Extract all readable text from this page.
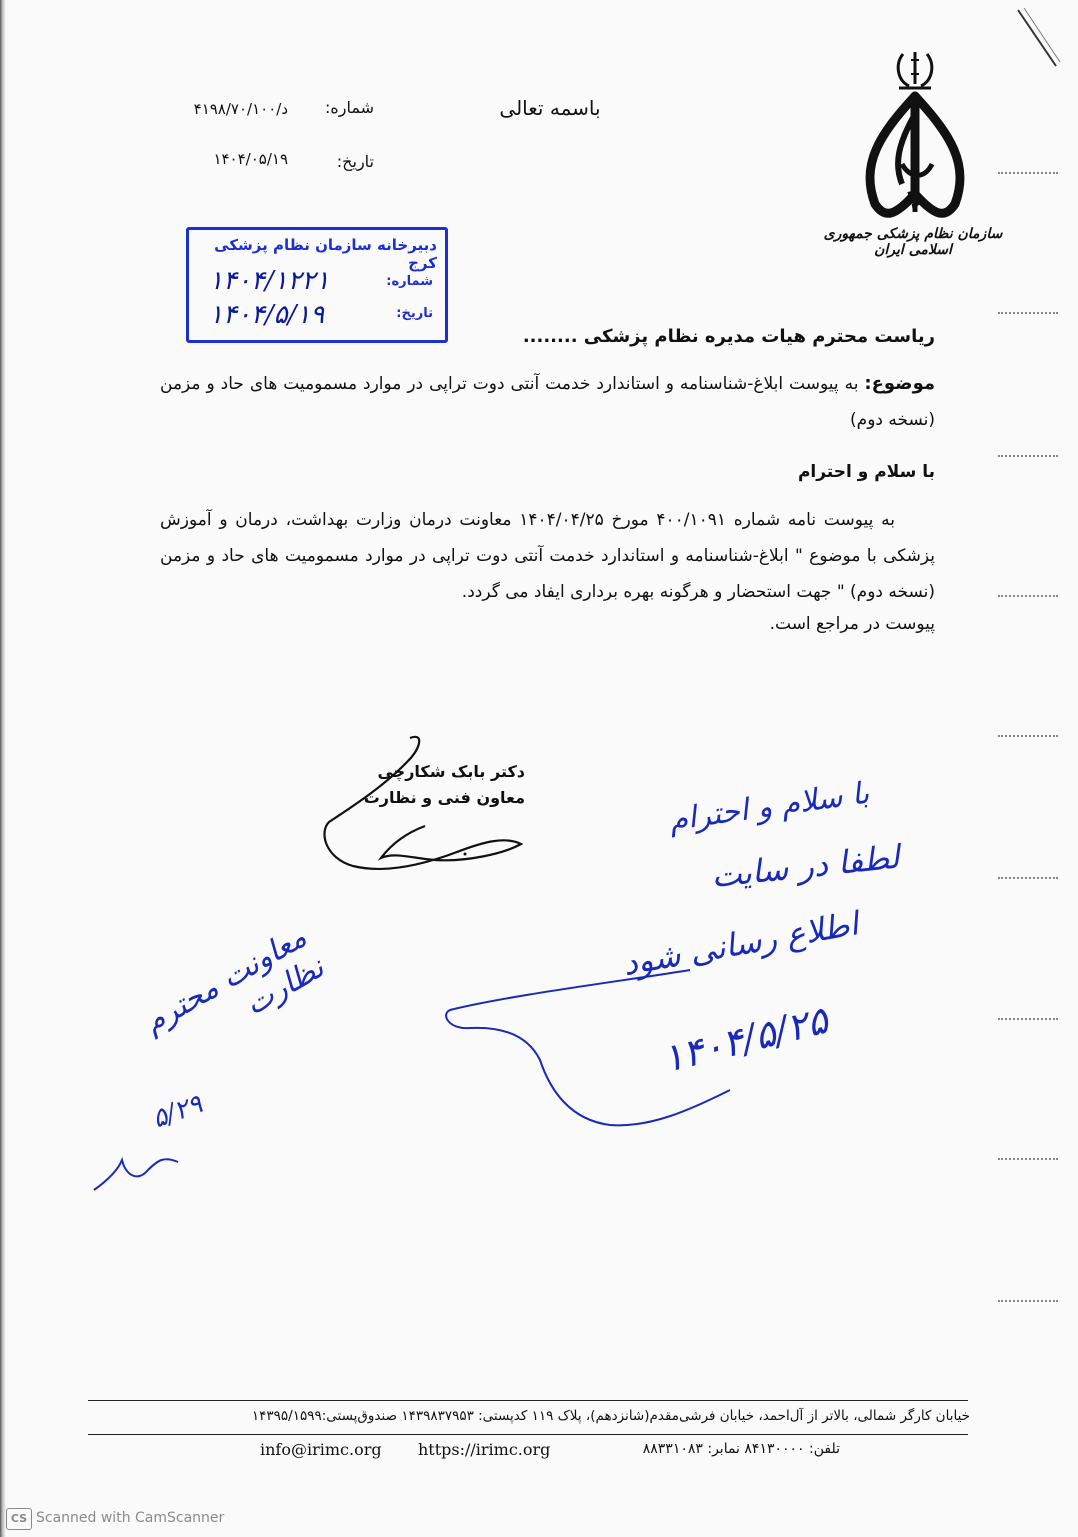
باسمه تعالی
شماره:
۴۱۹۸/۷۰/۱۰۰/د
تاریخ:
۱۴۰۴/۰۵/۱۹
سازمان نظام پزشکی جمهوری اسلامی ایران
دبیرخانه سازمان نظام پزشکی کرج
شماره:
تاریخ:
۱۴۰۴/۱۲۲۱
۱۴۰۴/۵/۱۹
ریاست محترم هیات مدیره نظام پزشکی ........
موضوع: به پیوست ابلاغ-شناسنامه و استاندارد خدمت آنتی دوت تراپی در موارد مسمومیت های حاد و مزمن (نسخه دوم)
با سلام و احترام
به پیوست نامه شماره ۴۰۰/۱۰۹۱ مورخ ۱۴۰۴/۰۴/۲۵ معاونت درمان وزارت بهداشت، درمان و آموزش پزشکی با موضوع " ابلاغ-شناسنامه و استاندارد خدمت آنتی دوت تراپی در موارد مسمومیت های حاد و مزمن (نسخه دوم) " جهت استحضار و هرگونه بهره برداری ایفاد می گردد.
پیوست در مراجع است.
دکتر بابک شکارچی
معاون فنی و نظارت	با سلام و احترام
لطفا در سایت
اطلاع رسانی شود
۱۴۰۴/۵/۲۵
معاونت محترم نظارت
۵/۲۹
خیابان کارگر شمالی، بالاتر از آل‌احمد، خیابان فرشی‌مقدم(شانزدهم)، پلاک ۱۱۹ کدپستی: ۱۴۳۹۸۳۷۹۵۳ صندوق‌پستی:۱۴۳۹۵/۱۵۹۹
تلفن: ۸۴۱۳۰۰۰۰ نمابر: ۸۸۳۳۱۰۸۳
https://irimc.org
info@irimc.org
CS Scanned with CamScanner
